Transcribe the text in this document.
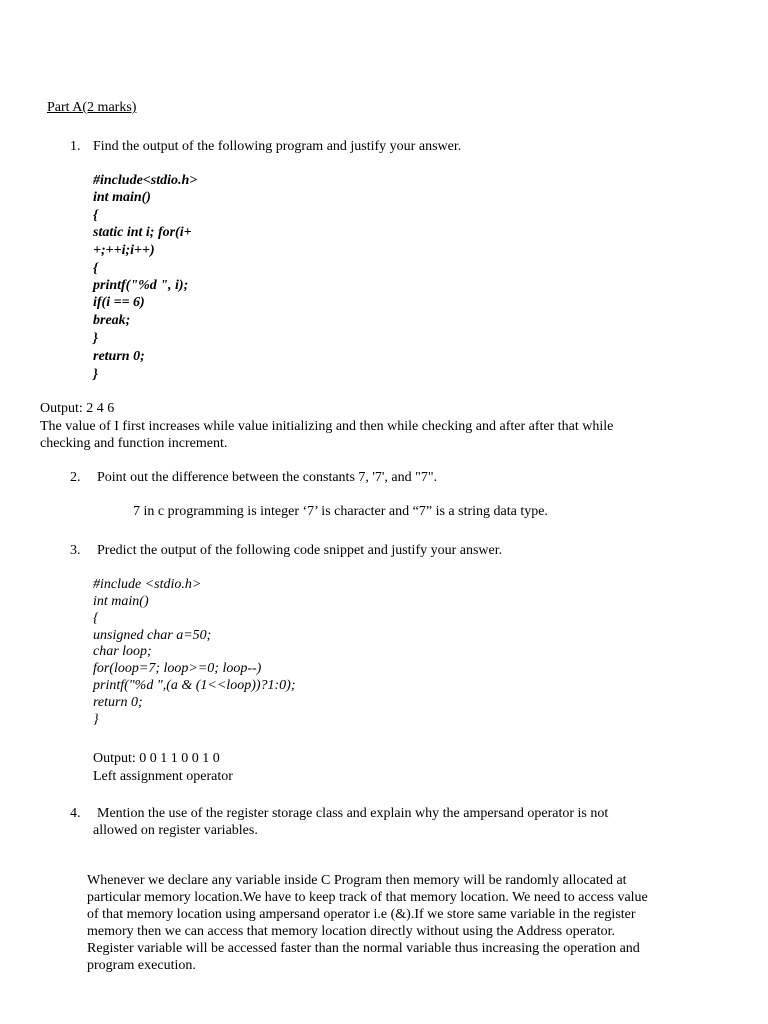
Part A(2 marks)
1. Find the output of the following program and justify your answer.
#include<stdio.h>
int main()
{
static int i; for(i+
+;++i;i++)
{
printf("%d ", i);
if(i == 6)
break;
}
return 0;
}
Output: 2 4 6
The value of I first increases while value initializing and then while checking and after after that while
checking and function increment.
2. Point out the difference between the constants 7, '7', and "7".
7 in c programming is integer ‘7’ is character and “7” is a string data type.
3. Predict the output of the following code snippet and justify your answer.
#include <stdio.h>
int main()
{
unsigned char a=50;
char loop;
for(loop=7; loop>=0; loop--)
printf("%d ",(a & (1<<loop))?1:0);
return 0;
}
Output: 0 0 1 1 0 0 1 0
Left assignment operator
4. Mention the use of the register storage class and explain why the ampersand operator is not
allowed on register variables.
Whenever we declare any variable inside C Program then memory will be randomly allocated at
particular memory location.We have to keep track of that memory location. We need to access value
of that memory location using ampersand operator i.e (&).If we store same variable in the register
memory then we can access that memory location directly without using the Address operator.
Register variable will be accessed faster than the normal variable thus increasing the operation and
program execution.
